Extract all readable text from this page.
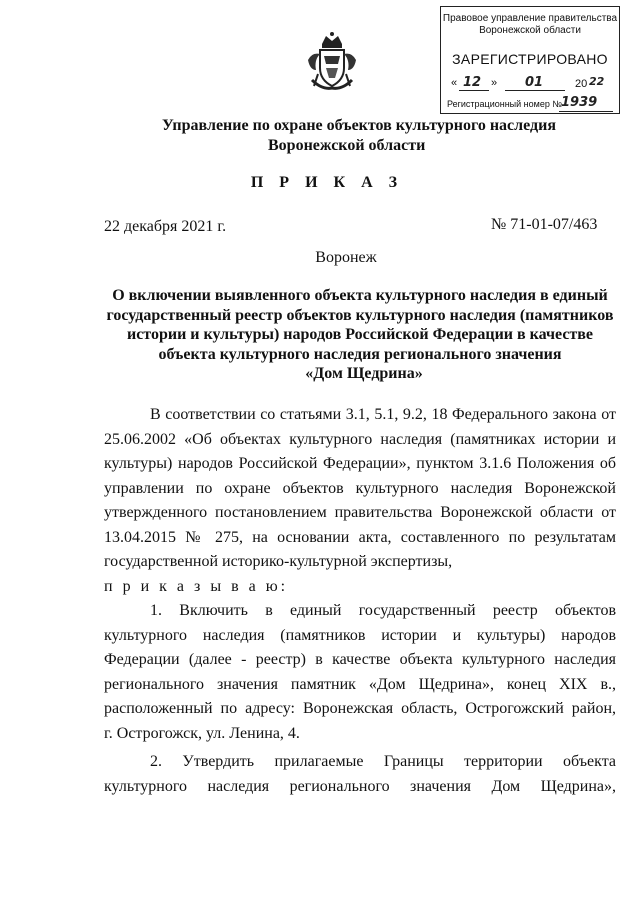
Правовое управление правительства
Воронежской области
ЗАРЕГИСТРИРОВАНО
« 12 » 01	20 22
Регистрационный номер №
1939
Управление по охране объектов культурного наследия
Воронежской области
П Р И К А З
22 декабря 2021 г.	№ 71-01-07/463
Воронеж
О включении выявленного объекта культурного наследия в единый
государственный реестр объектов культурного наследия (памятников
истории и культуры) народов Российской Федерации в качестве
объекта культурного наследия регионального значения
«Дом Щедрина»
В соответствии со статьями 3.1, 5.1, 9.2, 18 Федерального закона от
25.06.2002 «Об объектах культурного наследия (памятниках истории и
культуры) народов Российской Федерации», пунктом 3.1.6 Положения об
управлении по охране объектов культурного наследия Воронежской
утвержденного постановлением правительства Воронежской области от
13.04.2015 № 275, на основании акта, составленного по результатам
государственной историко-культурной экспертизы,
п р и к а з ы в а ю:
1. Включить в единый государственный реестр объектов
культурного наследия (памятников истории и культуры) народов
Федерации (далее - реестр) в качестве объекта культурного наследия
регионального значения памятник «Дом Щедрина», конец XIX в.,
расположенный по адресу: Воронежская область, Острогожский район,
г. Острогожск, ул. Ленина, 4.
2. Утвердить прилагаемые Границы территории объекта
культурного наследия регионального значения Дом Щедрина»,
